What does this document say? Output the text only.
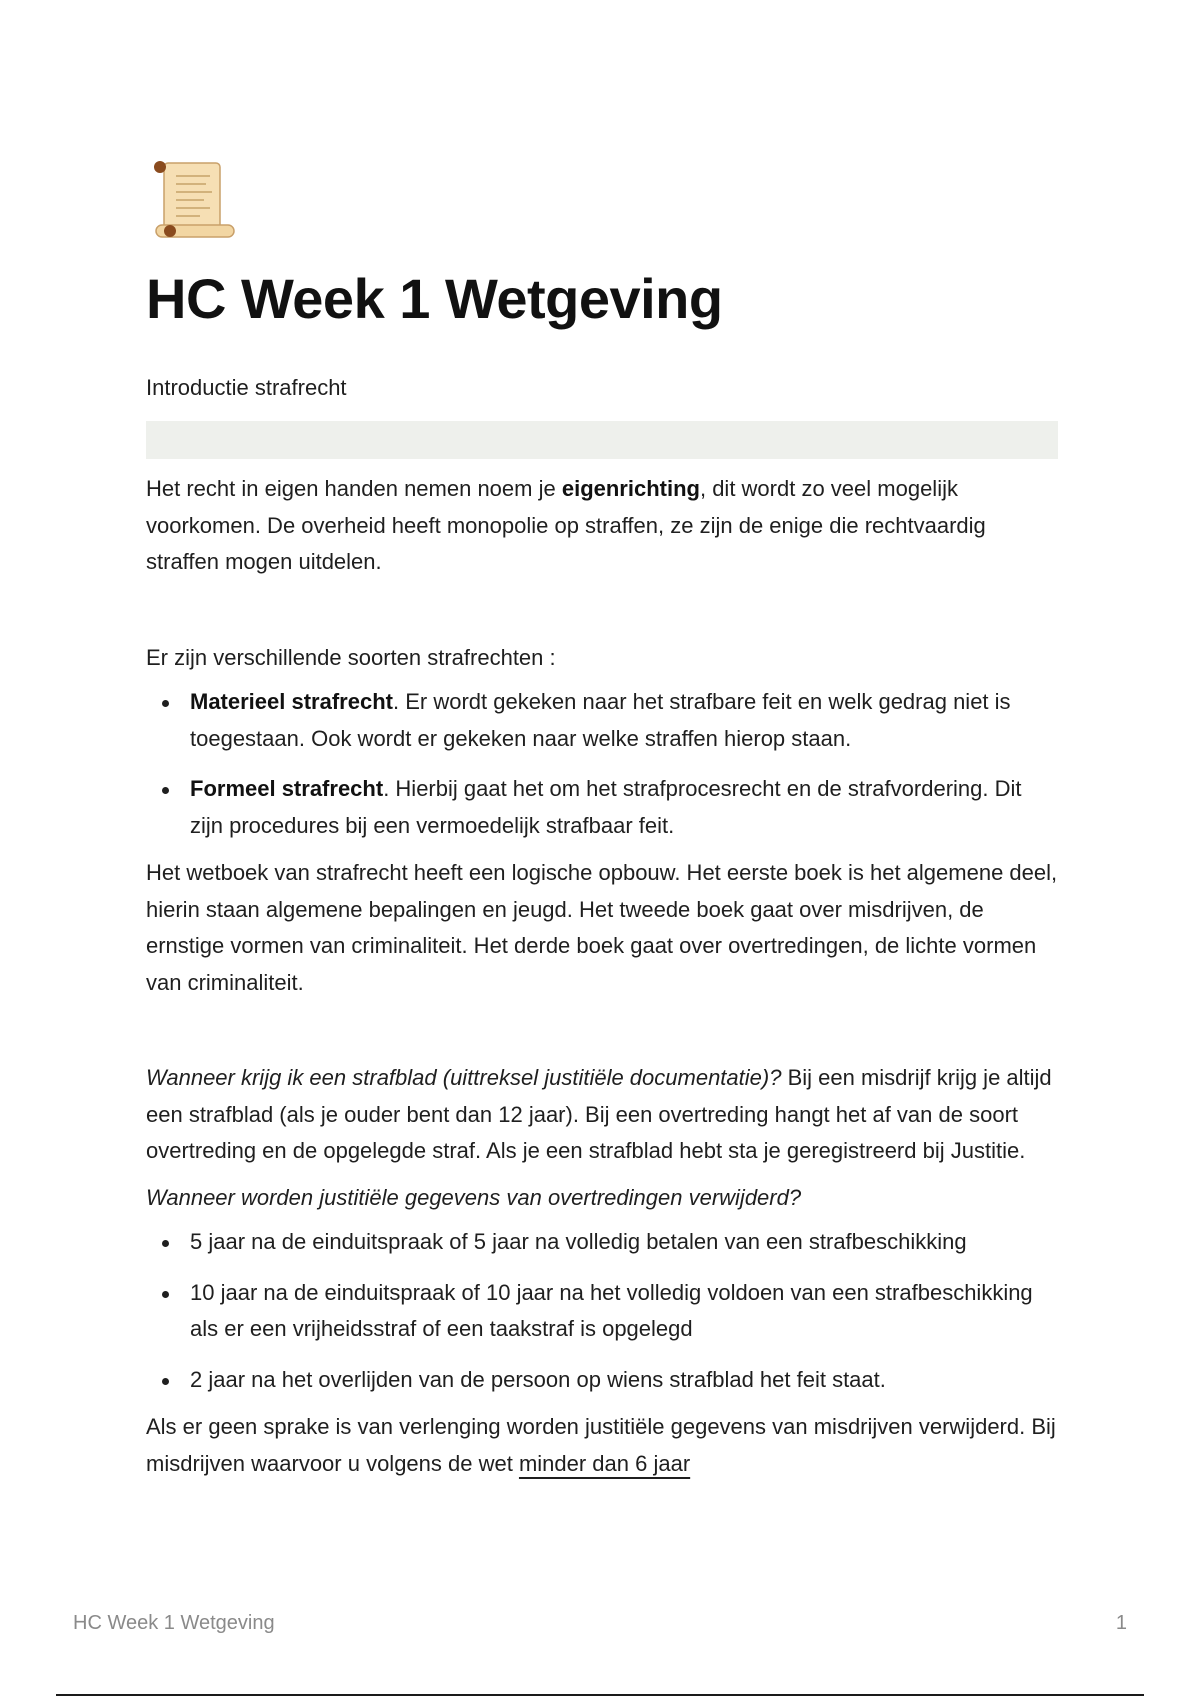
HC Week 1 Wetgeving
Introductie strafrecht

Het recht in eigen handen nemen noem je eigenrichting, dit wordt zo veel mogelijk voorkomen. De overheid heeft monopolie op straffen, ze zijn de enige die rechtvaardig straffen mogen uitdelen.

Er zijn verschillende soorten strafrechten :

Materieel strafrecht. Er wordt gekeken naar het strafbare feit en welk gedrag niet is toegestaan. Ook wordt er gekeken naar welke straffen hierop staan.
Formeel strafrecht. Hierbij gaat het om het strafprocesrecht en de strafvordering. Dit zijn procedures bij een vermoedelijk strafbaar feit.

Het wetboek van strafrecht heeft een logische opbouw. Het eerste boek is het algemene deel, hierin staan algemene bepalingen en jeugd. Het tweede boek gaat over misdrijven, de ernstige vormen van criminaliteit. Het derde boek gaat over overtredingen, de lichte vormen van criminaliteit.

Wanneer krijg ik een strafblad (uittreksel justitiële documentatie)? Bij een misdrijf krijg je altijd een strafblad (als je ouder bent dan 12 jaar). Bij een overtreding hangt het af van de soort overtreding en de opgelegde straf. Als je een strafblad hebt sta je geregistreerd bij Justitie.

Wanneer worden justitiële gegevens van overtredingen verwijderd?

5 jaar na de einduitspraak of 5 jaar na volledig betalen van een strafbeschikking
10 jaar na de einduitspraak of 10 jaar na het volledig voldoen van een strafbeschikking als er een vrijheidsstraf of een taakstraf is opgelegd
2 jaar na het overlijden van de persoon op wiens strafblad het feit staat.

Als er geen sprake is van verlenging worden justitiële gegevens van misdrijven verwijderd. Bij misdrijven waarvoor u volgens de wet minder dan 6 jaar

HC Week 1 Wetgeving	1
